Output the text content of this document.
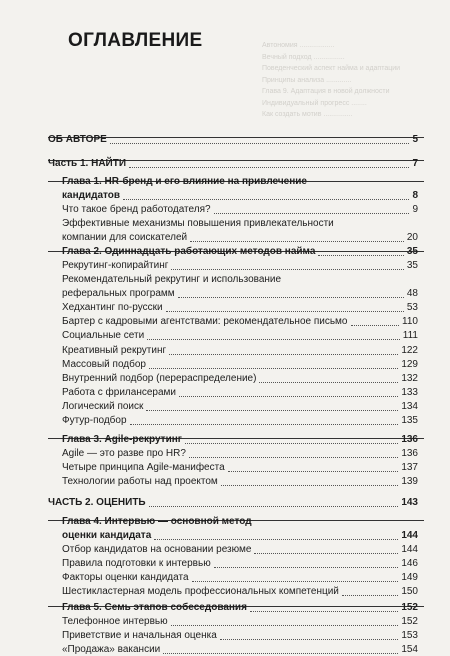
Автономия ..................
Вечный подход ................
Поведенческий аспект найма и адаптации
Принципы анализа .............
Глава 9. Адаптация в новой должности
Индивидуальный прогресс ........
Как создать мотив ...............
ОГЛАВЛЕНИЕ
ОБ АВТОРЕ	5
Часть 1. НАЙТИ	7
Глава 1. HR-бренд и его влияние на привлечение
кандидатов	8
Что такое бренд работодателя?	9
Эффективные механизмы повышения привлекательности
компании для соискателей	20
Глава 2. Одиннадцать работающих методов найма	35
Рекрутинг-копирайтинг	35
Рекомендательный рекрутинг и использование
реферальных программ	48
Хедхантинг по-русски	53
Бартер с кадровыми агентствами: рекомендательное письмо	110
Социальные сети	111
Креативный рекрутинг	122
Массовый подбор	129
Внутренний подбор (перераспределение)	132
Работа с фрилансерами	133
Логический поиск	134
Футур-подбор	135
Глава 3. Agile-рекрутинг	136
Agile — это разве про HR?	136
Четыре принципа Agile-манифеста	137
Технологии работы над проектом	139
ЧАСТЬ 2. ОЦЕНИТЬ	143
Глава 4. Интервью — основной метод
оценки кандидата	144
Отбор кандидатов на основании резюме	144
Правила подготовки к интервью	146
Факторы оценки кандидата	149
Шестикластерная модель профессиональных компетенций	150
Глава 5. Семь этапов собеседования	152
Телефонное интервью	152
Приветствие и начальная оценка	153
«Продажа» вакансии	154
